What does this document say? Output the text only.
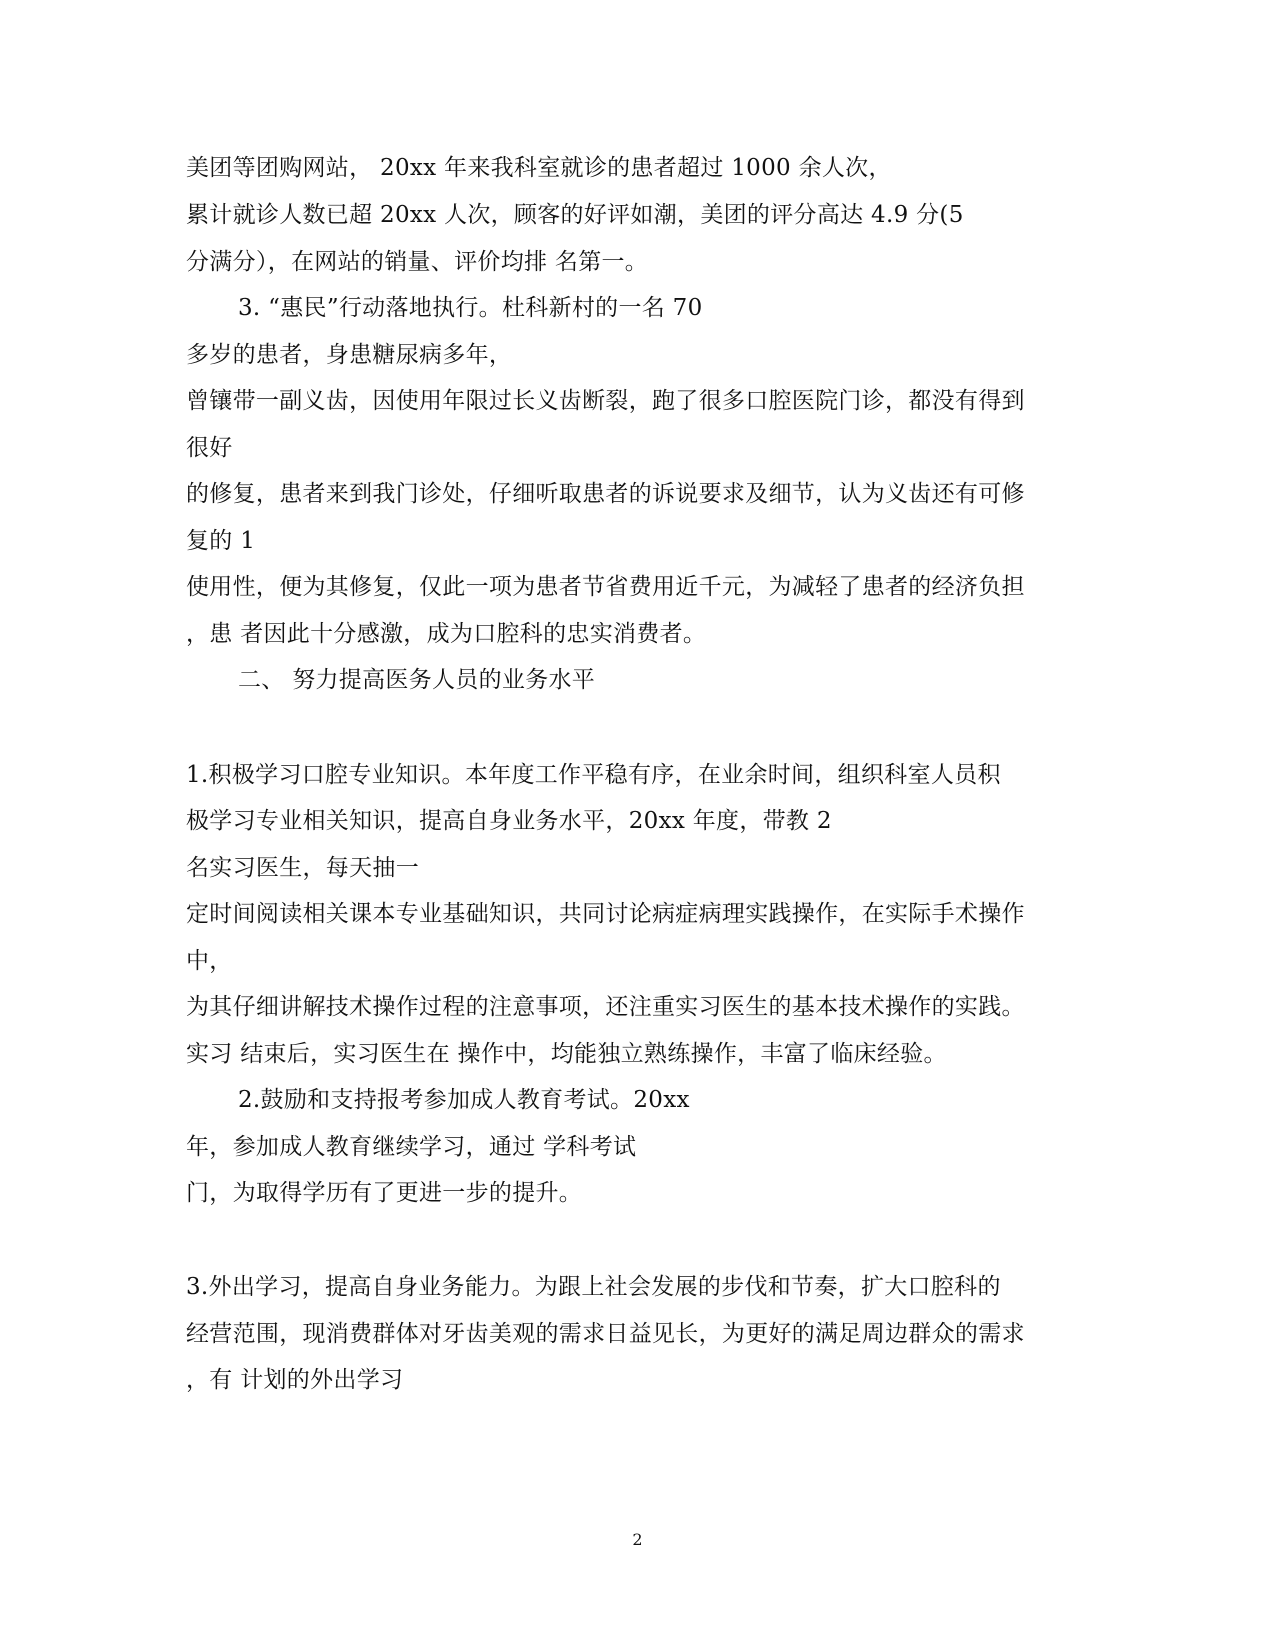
美团等团购网站， 20xx 年来我科室就诊的患者超过 1000 余人次，
累计就诊人数已超 20xx 人次，顾客的好评如潮，美团的评分高达 4.9 分(5
分满分），在网站的销量、评价均排 名第一。
3. “惠民”行动落地执行。杜科新村的一名 70
多岁的患者，身患糖尿病多年，
曾镶带一副义齿，因使用年限过长义齿断裂，跑了很多口腔医院门诊，都没有得到
很好
的修复，患者来到我门诊处，仔细听取患者的诉说要求及细节，认为义齿还有可修
复的 1
使用性，便为其修复，仅此一项为患者节省费用近千元，为减轻了患者的经济负担
，患 者因此十分感激，成为口腔科的忠实消费者。
二、 努力提高医务人员的业务水平
1.积极学习口腔专业知识。本年度工作平稳有序，在业余时间，组织科室人员积
极学习专业相关知识，提高自身业务水平，20xx 年度，带教 2
名实习医生，每天抽一
定时间阅读相关课本专业基础知识，共同讨论病症病理实践操作，在实际手术操作
中，
为其仔细讲解技术操作过程的注意事项，还注重实习医生的基本技术操作的实践。
实习 结束后，实习医生在 操作中，均能独立熟练操作，丰富了临床经验。
2.鼓励和支持报考参加成人教育考试。20xx
年，参加成人教育继续学习，通过 学科考试
门，为取得学历有了更进一步的提升。
3.外出学习，提高自身业务能力。为跟上社会发展的步伐和节奏，扩大口腔科的
经营范围，现消费群体对牙齿美观的需求日益见长，为更好的满足周边群众的需求
，有 计划的外出学习
2
